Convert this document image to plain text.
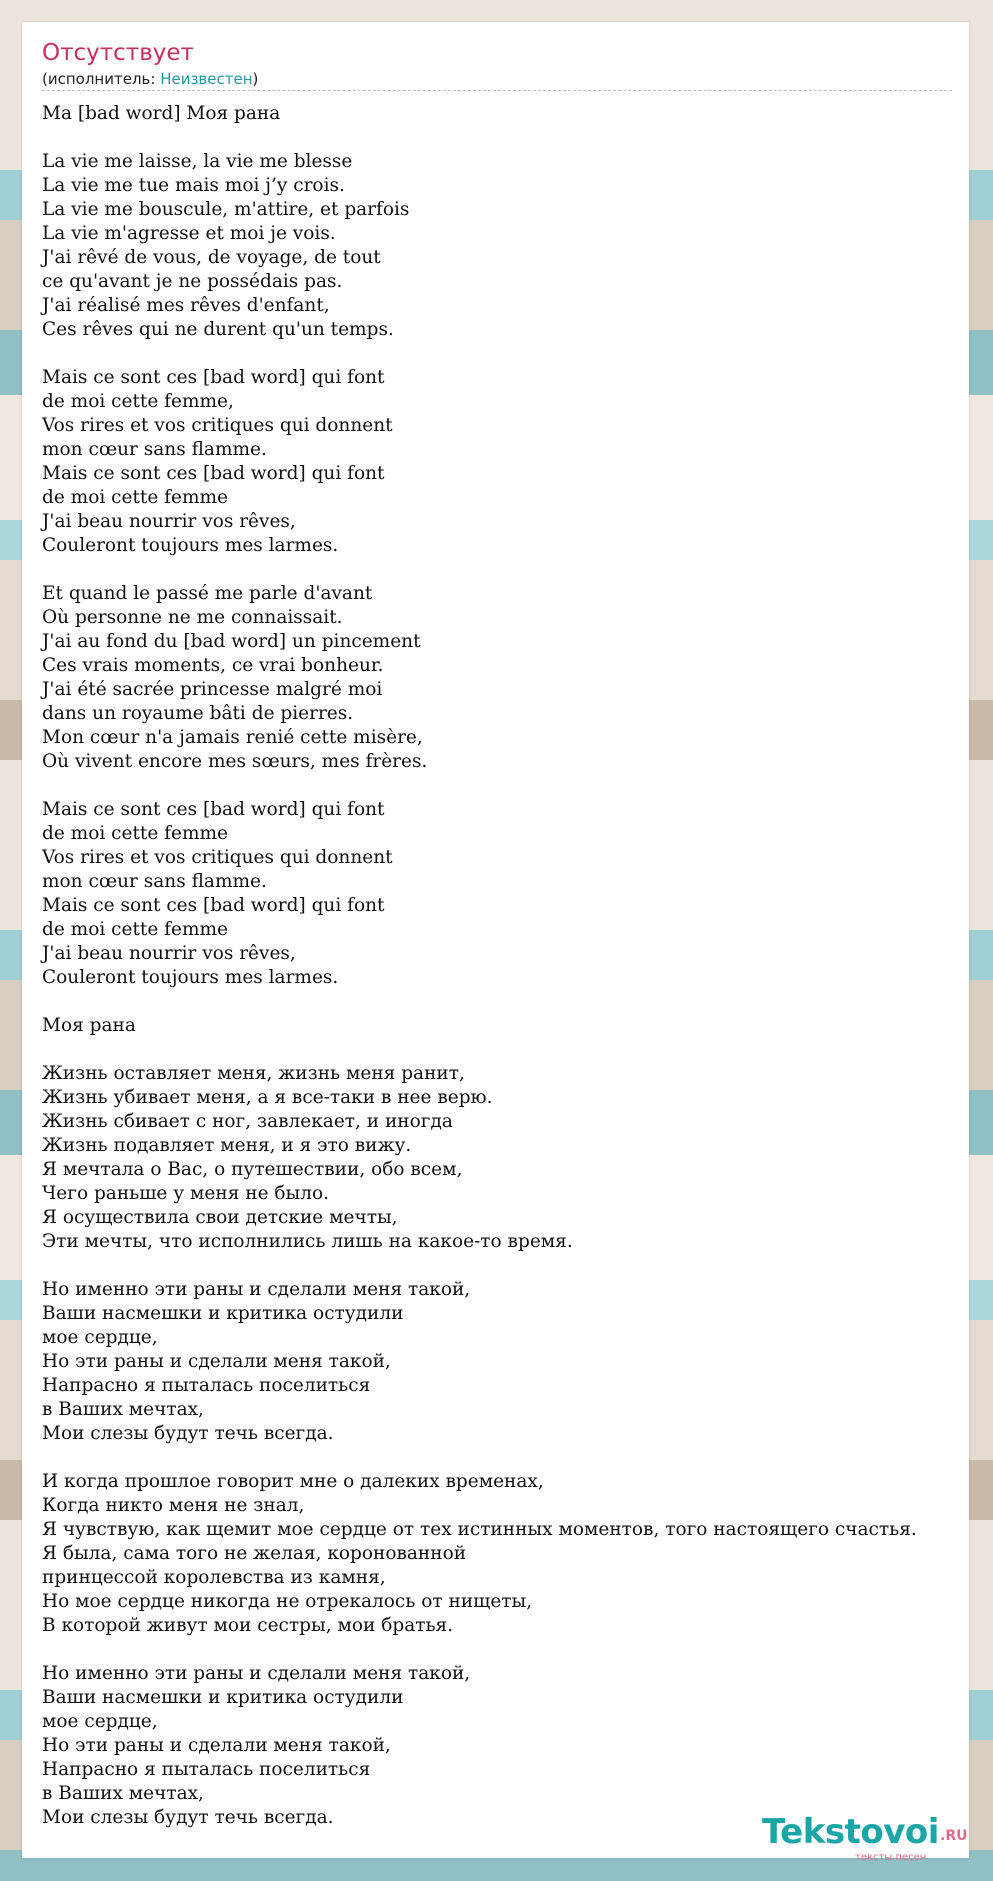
Отсутствует
(исполнитель: Неизвестен)
Ma [bad word] Моя рана

La vie me laisse, la vie me blesse
La vie me tue mais moi j’y crois.
La vie me bouscule, m'attire, et parfois
La vie m'agresse et moi je vois.
J'ai rêvé de vous, de voyage, de tout
ce qu'avant je ne possédais pas.
J'ai réalisé mes rêves d'enfant,
Ces rêves qui ne durent qu'un temps.

Mais ce sont ces [bad word] qui font
de moi cette femme,
Vos rires et vos critiques qui donnent
mon cœur sans flamme.
Mais ce sont ces [bad word] qui font
de moi cette femme
J'ai beau nourrir vos rêves,
Couleront toujours mes larmes.

Et quand le passé me parle d'avant
Où personne ne me connaissait.
J'ai au fond du [bad word] un pincement
Ces vrais moments, ce vrai bonheur.
J'ai été sacrée princesse malgré moi
dans un royaume bâti de pierres.
Mon cœur n'a jamais renié cette misère,
Où vivent encore mes sœurs, mes frères.

Mais ce sont ces [bad word] qui font
de moi cette femme
Vos rires et vos critiques qui donnent
mon cœur sans flamme.
Mais ce sont ces [bad word] qui font
de moi cette femme
J'ai beau nourrir vos rêves,
Couleront toujours mes larmes.

Моя рана

Жизнь оставляет меня, жизнь меня ранит,
Жизнь убивает меня, а я все-таки в нее верю.
Жизнь сбивает с ног, завлекает, и иногда
Жизнь подавляет меня, и я это вижу.
Я мечтала о Вас, о путешествии, обо всем,
Чего раньше у меня не было.
Я осуществила свои детские мечты,
Эти мечты, что исполнились лишь на какое-то время.

Но именно эти раны и сделали меня такой,
Ваши насмешки и критика остудили
мое сердце,
Но эти раны и сделали меня такой,
Напрасно я пыталась поселиться
в Ваших мечтах,
Мои слезы будут течь всегда.

И когда прошлое говорит мне о далеких временах,
Когда никто меня не знал,
Я чувствую, как щемит мое сердце от тех истинных моментов, того настоящего счастья.
Я была, сама того не желая, коронованной
принцессой королевства из камня,
Но мое сердце никогда не отрекалось от нищеты,
В которой живут мои сестры, мои братья.

Но именно эти раны и сделали меня такой,
Ваши насмешки и критика остудили
мое сердце,
Но эти раны и сделали меня такой,
Напрасно я пыталась поселиться
в Ваших мечтах,
Мои слезы будут течь всегда.	Tekstovoi .RU
тексты песен
